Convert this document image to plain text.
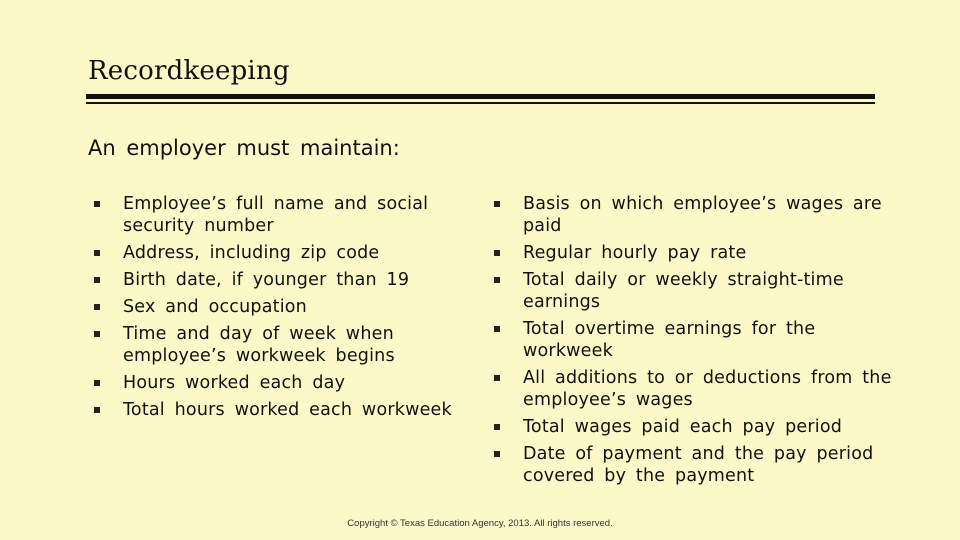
Recordkeeping
An employer must maintain:
Employee’s full name and social security number
Address, including zip code
Birth date, if younger than 19
Sex and occupation
Time and day of week when employee’s workweek begins
Hours worked each day
Total hours worked each workweek
Basis on which employee’s wages are paid
Regular hourly pay rate
Total daily or weekly straight-time earnings
Total overtime earnings for the workweek
All additions to or deductions from the employee’s wages
Total wages paid each pay period
Date of payment and the pay period covered by the payment
Copyright © Texas Education Agency, 2013. All rights reserved.
